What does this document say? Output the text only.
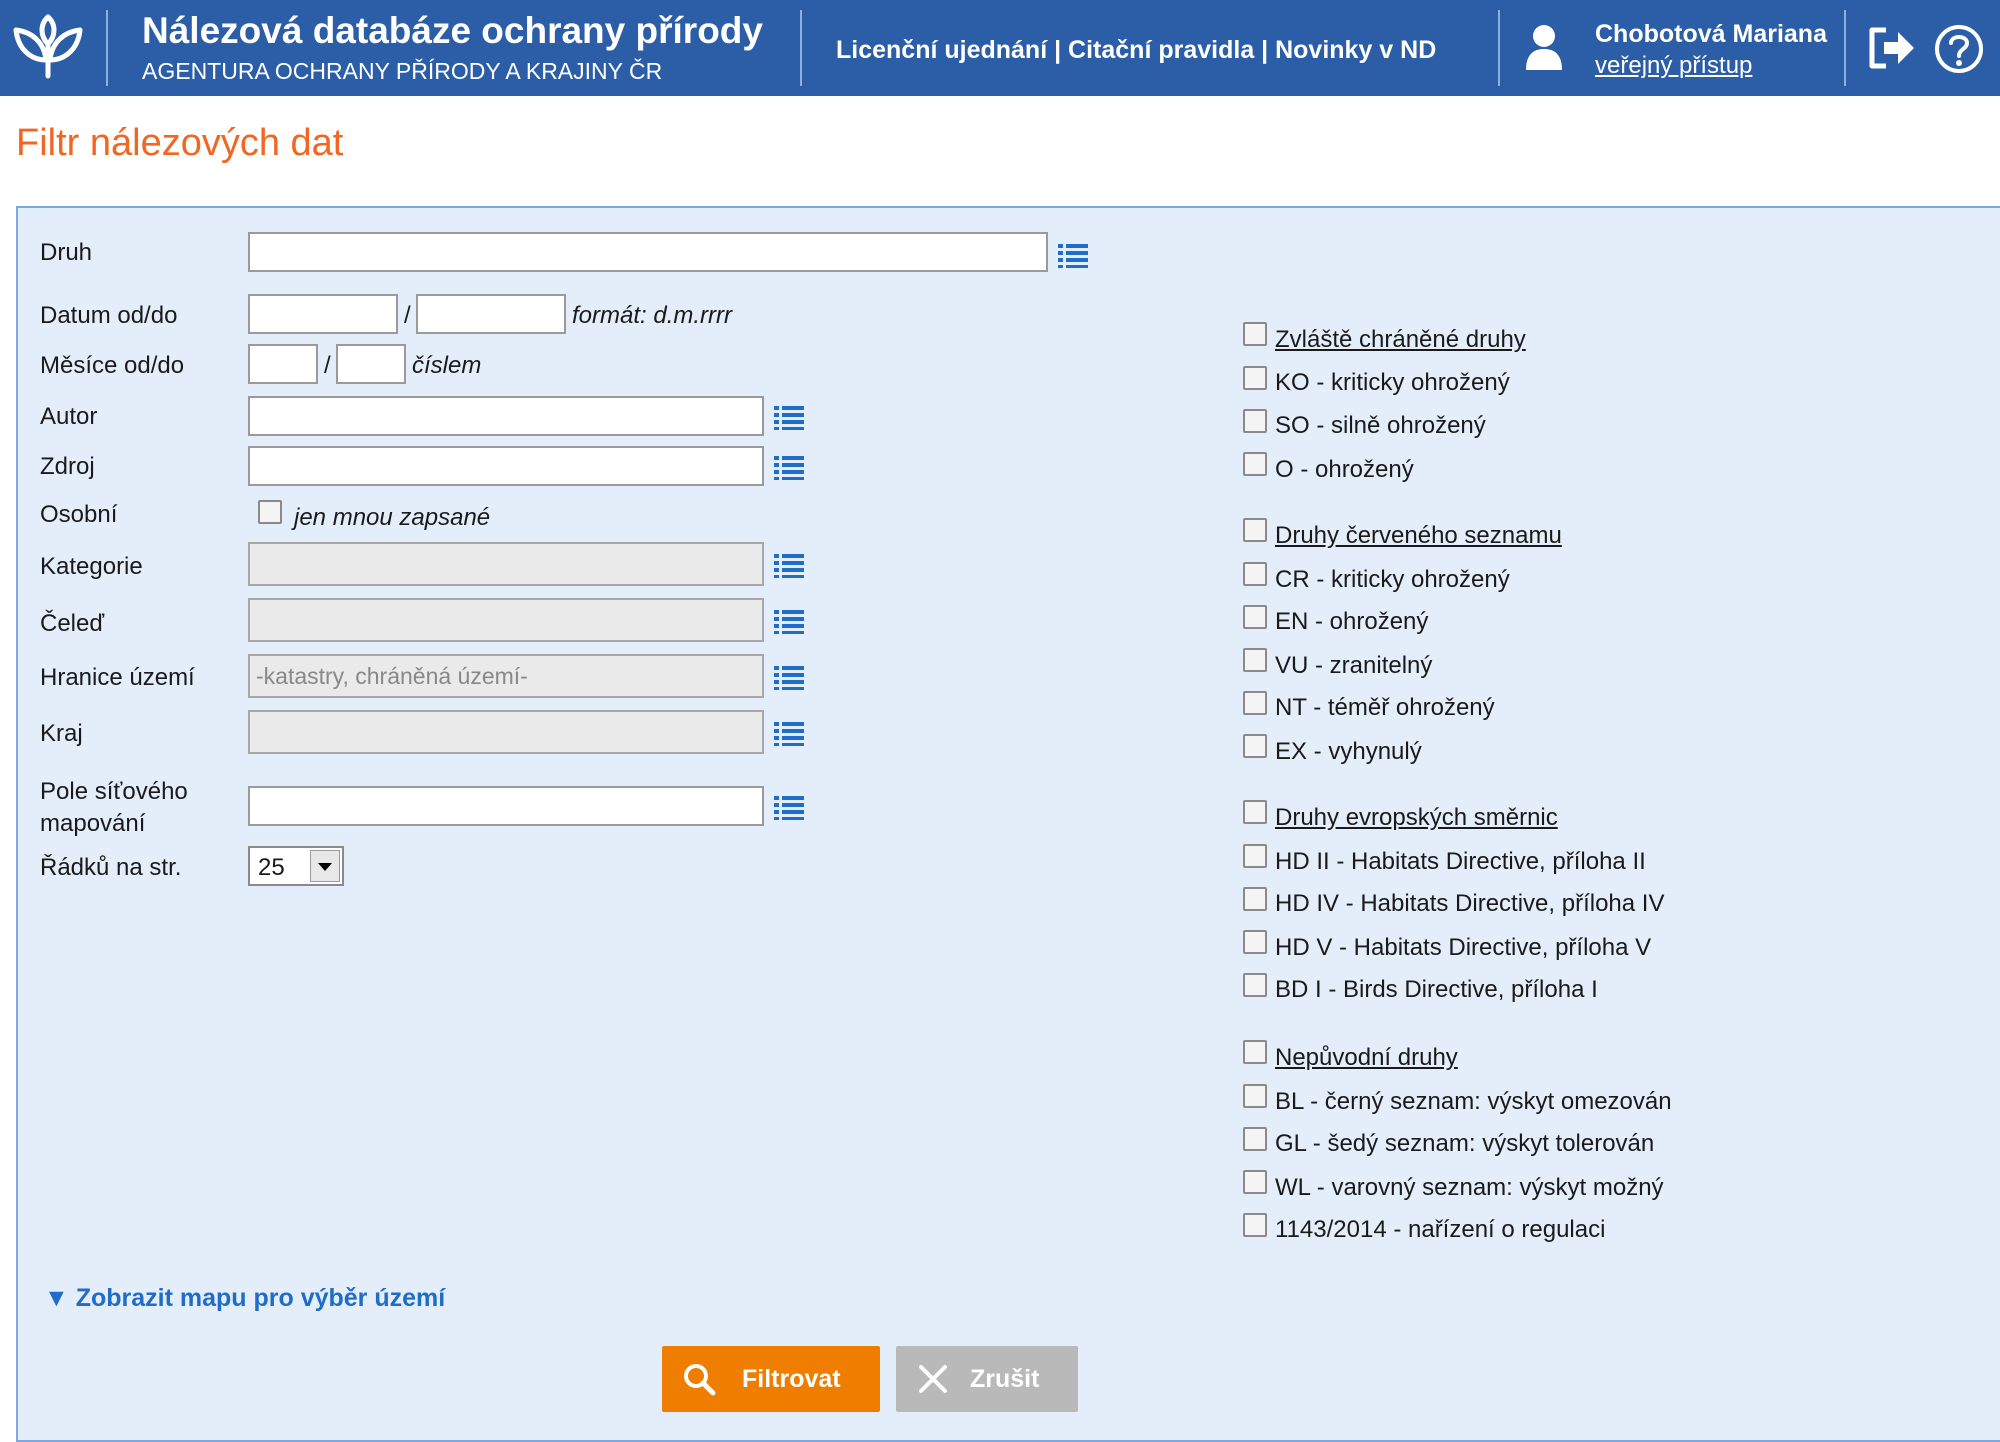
Nálezová databáze ochrany přírody
AGENTURA OCHRANY PŘÍRODY A KRAJINY ČR
Licenční ujednání | Citační pravidla | Novinky v ND
Chobotová Mariana
veřejný přístup
Filtr nálezových dat
Druh
Datum od/do	/	formát: d.m.rrrr
Měsíce od/do	/	číslem
Autor
Zdroj
Osobní	jen mnou zapsané
Kategorie
Čeleď
Hranice území
-katastry, chráněná území-
Kraj
Pole síťového
mapování
Řádků na str.	25
Zvláště chráněné druhy
KO - kriticky ohrožený
SO - silně ohrožený
O - ohrožený
Druhy červeného seznamu
CR - kriticky ohrožený
EN - ohrožený
VU - zranitelný
NT - téměř ohrožený
EX - vyhynulý
Druhy evropských směrnic
HD II - Habitats Directive, příloha II
HD IV - Habitats Directive, příloha IV
HD V - Habitats Directive, příloha V
BD I - Birds Directive, příloha I
Nepůvodní druhy
BL - černý seznam: výskyt omezován
GL - šedý seznam: výskyt tolerován
WL - varovný seznam: výskyt možný
1143/2014 - nařízení o regulaci
▼ Zobrazit mapu pro výběr území
Filtrovat	Zrušit
